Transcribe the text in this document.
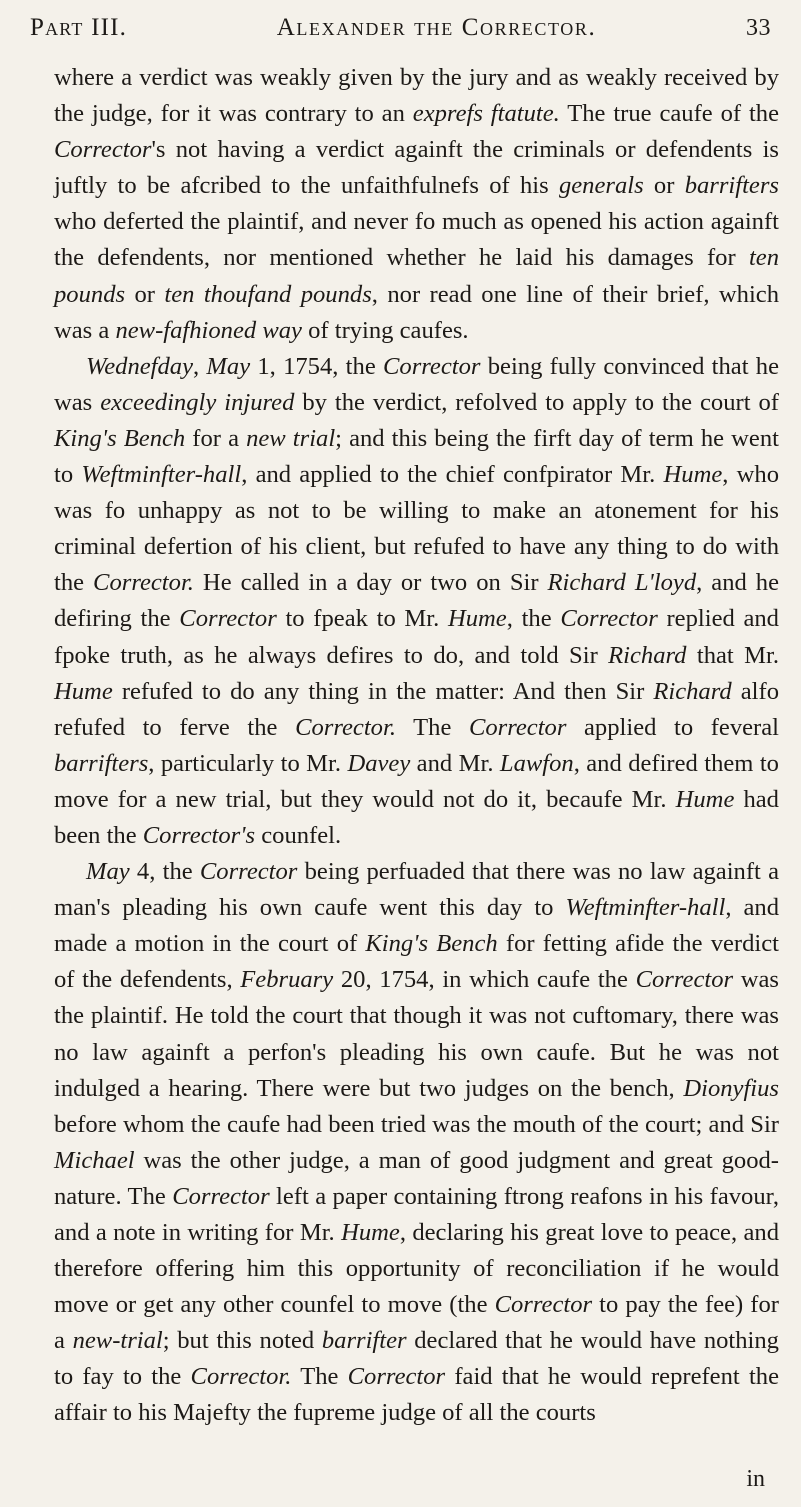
Part III.	Alexander the Corrector.	33

where a verdict was weakly given by the jury and as weakly received by the judge, for it was contrary to an exprefs ftatute. The true caufe of the Corrector's not having a verdict againft the criminals or defendents is juftly to be afcribed to the unfaithfulnefs of his generals or barrifters who deferted the plaintif, and never fo much as opened his action againft the defendents, nor mentioned whether he laid his damages for ten pounds or ten thoufand pounds, nor read one line of their brief, which was a new-fafhioned way of trying caufes.

Wednefday, May 1, 1754, the Corrector being fully convinced that he was exceedingly injured by the verdict, refolved to apply to the court of King's Bench for a new trial; and this being the firft day of term he went to Weftminfter-hall, and applied to the chief confpirator Mr. Hume, who was fo unhappy as not to be willing to make an atonement for his criminal defertion of his client, but refufed to have any thing to do with the Corrector. He called in a day or two on Sir Richard L'loyd, and he defiring the Corrector to fpeak to Mr. Hume, the Corrector replied and fpoke truth, as he always defires to do, and told Sir Richard that Mr. Hume refufed to do any thing in the matter: And then Sir Richard alfo refufed to ferve the Corrector. The Corrector applied to feveral barrifters, particularly to Mr. Davey and Mr. Lawfon, and defired them to move for a new trial, but they would not do it, becaufe Mr. Hume had been the Corrector's counfel.

May 4, the Corrector being perfuaded that there was no law againft a man's pleading his own caufe went this day to Weftminfter-hall, and made a motion in the court of King's Bench for fetting afide the verdict of the defendents, February 20, 1754, in which caufe the Corrector was the plaintif. He told the court that though it was not cuftomary, there was no law againft a perfon's pleading his own caufe. But he was not indulged a hearing. There were but two judges on the bench, Dionyfius before whom the caufe had been tried was the mouth of the court; and Sir Michael was the other judge, a man of good judgment and great good-nature. The Corrector left a paper containing ftrong reafons in his favour, and a note in writing for Mr. Hume, declaring his great love to peace, and therefore offering him this opportunity of reconciliation if he would move or get any other counfel to move (the Corrector to pay the fee) for a new-trial; but this noted barrifter declared that he would have nothing to fay to the Corrector. The Corrector faid that he would reprefent the affair to his Majefty the fupreme judge of all the courts

in
